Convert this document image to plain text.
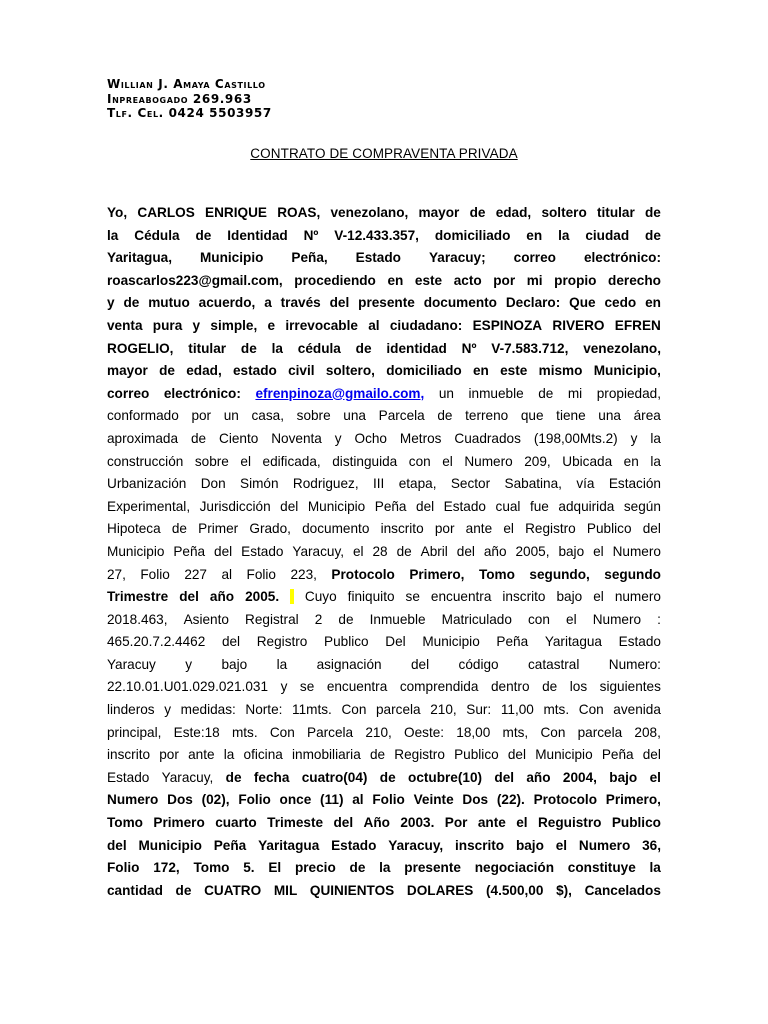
Willian J. Amaya Castillo
Inpreabogado 269.963
Tlf. Cel. 0424 5503957
CONTRATO DE COMPRAVENTA PRIVADA
Yo, CARLOS ENRIQUE ROAS, venezolano, mayor de edad, soltero titular de
la Cédula de Identidad Nº V-12.433.357, domiciliado en la ciudad de
Yaritagua, Municipio Peña, Estado Yaracuy; correo electrónico:
roascarlos223@gmail.com, procediendo en este acto por mi propio derecho
y de mutuo acuerdo, a través del presente documento Declaro: Que cedo en
venta pura y simple, e irrevocable al ciudadano: ESPINOZA RIVERO EFREN
ROGELIO, titular de la cédula de identidad Nº V-7.583.712, venezolano,
mayor de edad, estado civil soltero, domiciliado en este mismo Municipio,
correo electrónico: efrenpinoza@gmailo.com, un inmueble de mi propiedad,
conformado por un casa, sobre una Parcela de terreno que tiene una área
aproximada de Ciento Noventa y Ocho Metros Cuadrados (198,00Mts.2) y la
construcción sobre el edificada, distinguida con el Numero 209, Ubicada en la
Urbanización Don Simón Rodriguez, III etapa, Sector Sabatina, vía Estación
Experimental, Jurisdicción del Municipio Peña del Estado cual fue adquirida según
Hipoteca de Primer Grado, documento inscrito por ante el Registro Publico del
Municipio Peña del Estado Yaracuy, el 28 de Abril del año 2005, bajo el Numero
27, Folio 227 al Folio 223, Protocolo Primero, Tomo segundo, segundo
Trimestre del año 2005.
Cuyo finiquito se encuentra inscrito bajo el numero
2018.463, Asiento Registral 2 de Inmueble Matriculado con el Numero :
465.20.7.2.4462 del Registro Publico Del Municipio Peña Yaritagua Estado
Yaracuy y bajo la asignación del código catastral Numero:
22.10.01.U01.029.021.031 y se encuentra comprendida dentro de los siguientes
linderos y medidas: Norte: 11mts. Con parcela 210, Sur: 11,00 mts. Con avenida
principal, Este:18 mts. Con Parcela 210, Oeste: 18,00 mts, Con parcela 208,
inscrito por ante la oficina inmobiliaria de Registro Publico del Municipio Peña del
Estado Yaracuy, de fecha cuatro(04) de octubre(10) del año 2004, bajo el
Numero Dos (02), Folio once (11) al Folio Veinte Dos (22). Protocolo Primero,
Tomo Primero cuarto Trimeste del Año 2003. Por ante el Reguistro Publico
del Municipio Peña Yaritagua Estado Yaracuy, inscrito bajo el Numero 36,
Folio 172, Tomo 5. El precio de la presente negociación constituye la
cantidad de CUATRO MIL QUINIENTOS DOLARES (4.500,00 $), Cancelados
